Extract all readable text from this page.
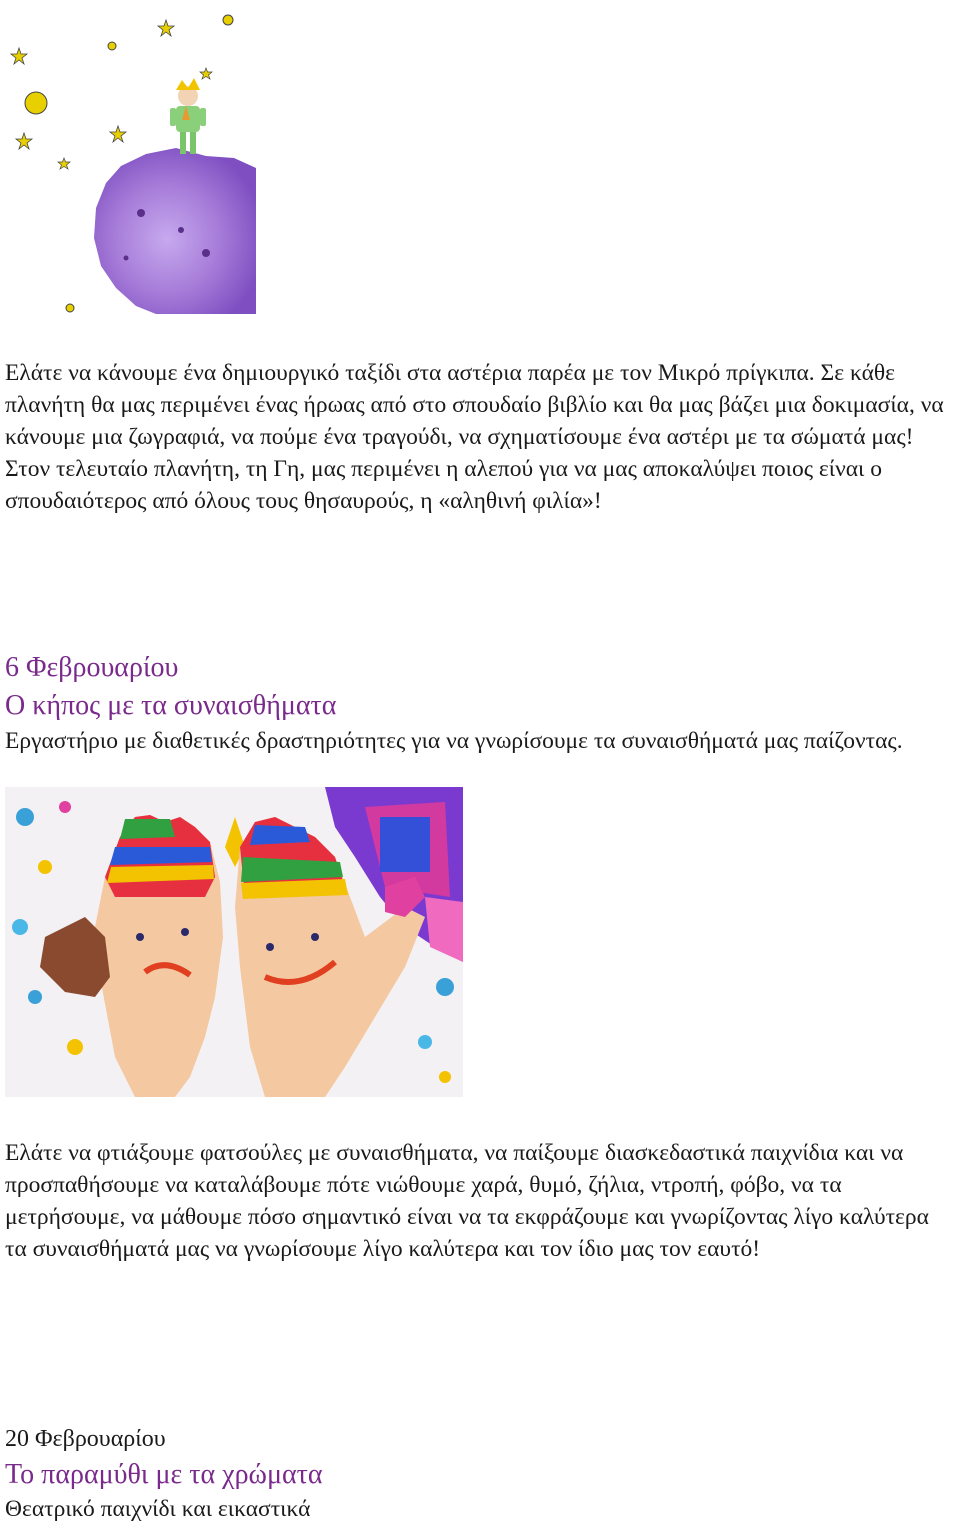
Ελάτε να κάνουμε ένα δημιουργικό ταξίδι στα αστέρια παρέα με τον Μικρό πρίγκιπα. Σε κάθε πλανήτη θα μας περιμένει ένας ήρωας από στο σπουδαίο βιβλίο και θα μας βάζει μια δοκιμασία, να κάνουμε μια ζωγραφιά, να πούμε ένα τραγούδι, να σχηματίσουμε ένα αστέρι με τα σώματά μας! Στον τελευταίο πλανήτη, τη Γη, μας περιμένει η αλεπού για να μας αποκαλύψει ποιος είναι ο σπουδαιότερος από όλους τους θησαυρούς, η «αληθινή φιλία»!

6 Φεβρουαρίου

Ο κήπος με τα συναισθήματα

Εργαστήριο με διαθετικές δραστηριότητες για να γνωρίσουμε τα συναισθήματά μας παίζοντας.

Ελάτε να φτιάξουμε φατσούλες με συναισθήματα, να παίξουμε διασκεδαστικά παιχνίδια και να προσπαθήσουμε να καταλάβουμε πότε νιώθουμε χαρά, θυμό, ζήλια, ντροπή, φόβο, να τα μετρήσουμε, να μάθουμε πόσο σημαντικό είναι να τα εκφράζουμε και γνωρίζοντας λίγο καλύτερα τα συναισθήματά μας να γνωρίσουμε λίγο καλύτερα και τον ίδιο μας τον εαυτό!

20 Φεβρουαρίου

Το παραμύθι με τα χρώματα

Θεατρικό παιχνίδι και εικαστικά
